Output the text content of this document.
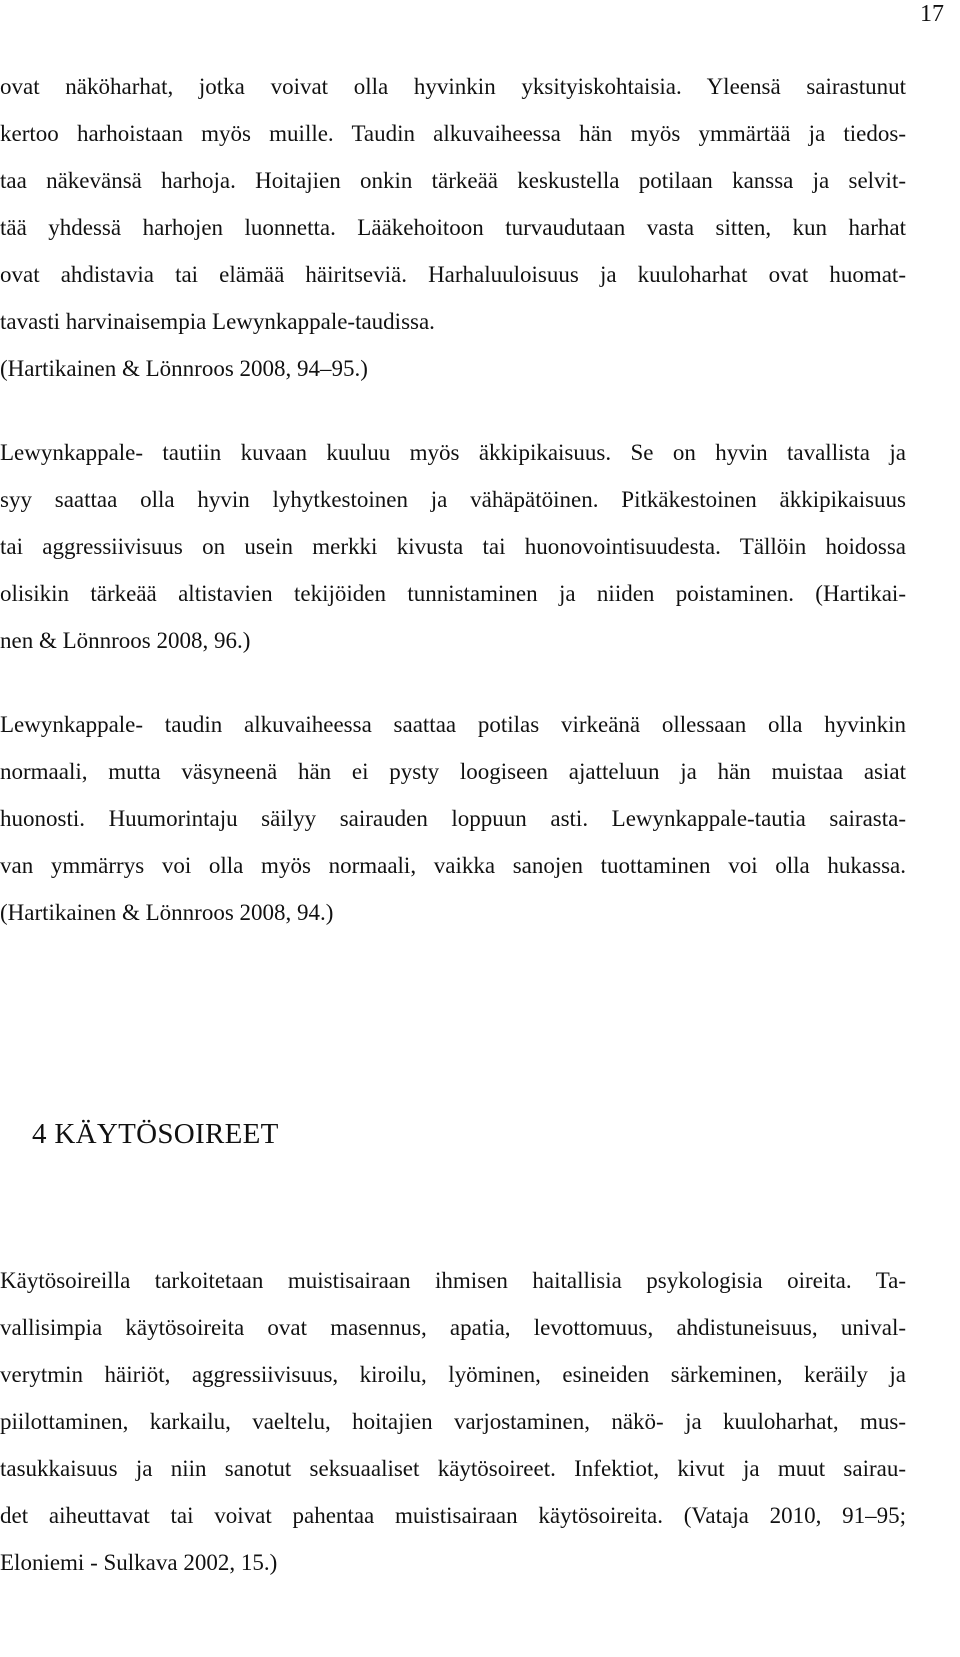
17

ovat näköharhat, jotka voivat olla hyvinkin yksityiskohtaisia. Yleensä sairastunut
kertoo harhoistaan myös muille. Taudin alkuvaiheessa hän myös ymmärtää ja tiedos-
taa näkevänsä harhoja. Hoitajien onkin tärkeää keskustella potilaan kanssa ja selvit-
tää yhdessä harhojen luonnetta. Lääkehoitoon turvaudutaan vasta sitten, kun harhat
ovat ahdistavia tai elämää häiritseviä. Harhaluuloisuus ja kuuloharhat ovat huomat-
tavasti harvinaisempia Lewynkappale-taudissa.
(Hartikainen & Lönnroos 2008, 94–95.)

Lewynkappale- tautiin kuvaan kuuluu myös äkkipikaisuus. Se on hyvin tavallista ja
syy saattaa olla hyvin lyhytkestoinen ja vähäpätöinen. Pitkäkestoinen äkkipikaisuus
tai aggressiivisuus on usein merkki kivusta tai huonovointisuudesta. Tällöin hoidossa
olisikin tärkeää altistavien tekijöiden tunnistaminen ja niiden poistaminen. (Hartikai-
nen & Lönnroos 2008, 96.)

Lewynkappale- taudin alkuvaiheessa saattaa potilas virkeänä ollessaan olla hyvinkin
normaali, mutta väsyneenä hän ei pysty loogiseen ajatteluun ja hän muistaa asiat
huonosti. Huumorintaju säilyy sairauden loppuun asti. Lewynkappale-tautia sairasta-
van ymmärrys voi olla myös normaali, vaikka sanojen tuottaminen voi olla hukassa.
(Hartikainen & Lönnroos 2008, 94.)

4 KÄYTÖSOIREET

Käytösoireilla tarkoitetaan muistisairaan ihmisen haitallisia psykologisia oireita. Ta-
vallisimpia käytösoireita ovat masennus, apatia, levottomuus, ahdistuneisuus, unival-
verytmin häiriöt, aggressiivisuus, kiroilu, lyöminen, esineiden särkeminen, keräily ja
piilottaminen, karkailu, vaeltelu, hoitajien varjostaminen, näkö- ja kuuloharhat, mus-
tasukkaisuus ja niin sanotut seksuaaliset käytösoireet. Infektiot, kivut ja muut sairau-
det aiheuttavat tai voivat pahentaa muistisairaan käytösoireita. (Vataja 2010, 91–95;
Eloniemi - Sulkava 2002, 15.)
